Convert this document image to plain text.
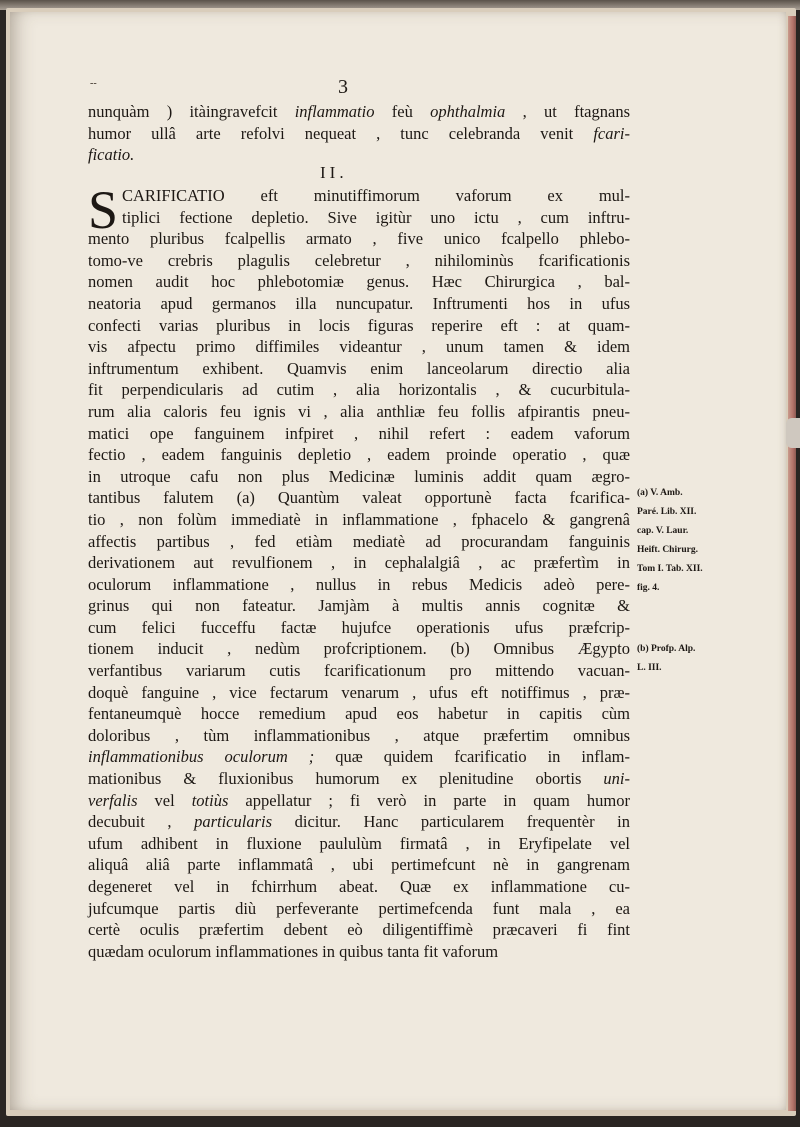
--	3
nunquàm ) itàingravefcit inflammatio feù ophthalmia , ut ftagnans
humor ullâ arte refolvi nequeat , tunc celebranda venit fcari-
ficatio.
II.
S CARIFICATIO eft minutiffimorum vaforum ex mul-
tiplici fectione depletio. Sive igitùr uno ictu , cum inftru-
mento pluribus fcalpellis armato , five unico fcalpello phlebo-
tomo-ve crebris plagulis celebretur , nihilominùs fcarificationis
nomen audit hoc phlebotomiæ genus. Hæc Chirurgica , bal-
neatoria apud germanos illa nuncupatur. Inftrumenti hos in ufus
confecti varias pluribus in locis figuras reperire eft : at quam-
vis afpectu primo diffimiles videantur , unum tamen & idem
inftrumentum exhibent. Quamvis enim lanceolarum directio alia
fit perpendicularis ad cutim , alia horizontalis , & cucurbitula-
rum alia caloris feu ignis vi , alia anthliæ feu follis afpirantis pneu-
matici ope fanguinem infpiret , nihil refert : eadem vaforum
fectio , eadem fanguinis depletio , eadem proinde operatio , quæ
in utroque cafu non plus Medicinæ luminis addit quam ægro-
tantibus falutem (a) Quantùm valeat opportunè facta fcarifica-
tio , non folùm immediatè in inflammatione , fphacelo & gangrenâ
affectis partibus , fed etiàm mediatè ad procurandam fanguinis
derivationem aut revulfionem , in cephalalgiâ , ac præfertìm in
oculorum inflammatione , nullus in rebus Medicis adeò pere-
grinus qui non fateatur. Jamjàm à multis annis cognitæ &
cum felici fucceffu factæ hujufce operationis ufus præfcrip-
tionem inducit , nedùm profcriptionem. (b) Omnibus Ægypto
verfantibus variarum cutis fcarificationum pro mittendo vacuan-
doquè fanguine , vice fectarum venarum , ufus eft notiffimus , præ-
fentaneumquè hocce remedium apud eos habetur in capitis cùm
doloribus , tùm inflammationibus , atque præfertim omnibus
inflammationibus oculorum ; quæ quidem fcarificatio in inflam-
mationibus & fluxionibus humorum ex plenitudine obortis uni-
verfalis vel totiùs appellatur ; fi verò in parte in quam humor
decubuit , particularis dicitur. Hanc particularem frequentèr in
ufum adhibent in fluxione paululùm firmatâ , in Eryfipelate vel
aliquâ aliâ parte inflammatâ , ubi pertimefcunt nè in gangrenam
degeneret vel in fchirrhum abeat. Quæ ex inflammatione cu-
jufcumque partis diù perfeverante pertimefcenda funt mala , ea
certè oculis præfertim debent eò diligentiffimè præcaveri fi fint
quædam oculorum inflammationes in quibus tanta fit vaforum
(a) V. Amb.
Paré. Lib. XII.
cap. V. Laur.
Heift. Chirurg.
Tom I. Tab. XII.
fig. 4.
(b) Profp. Alp.
L. III.
